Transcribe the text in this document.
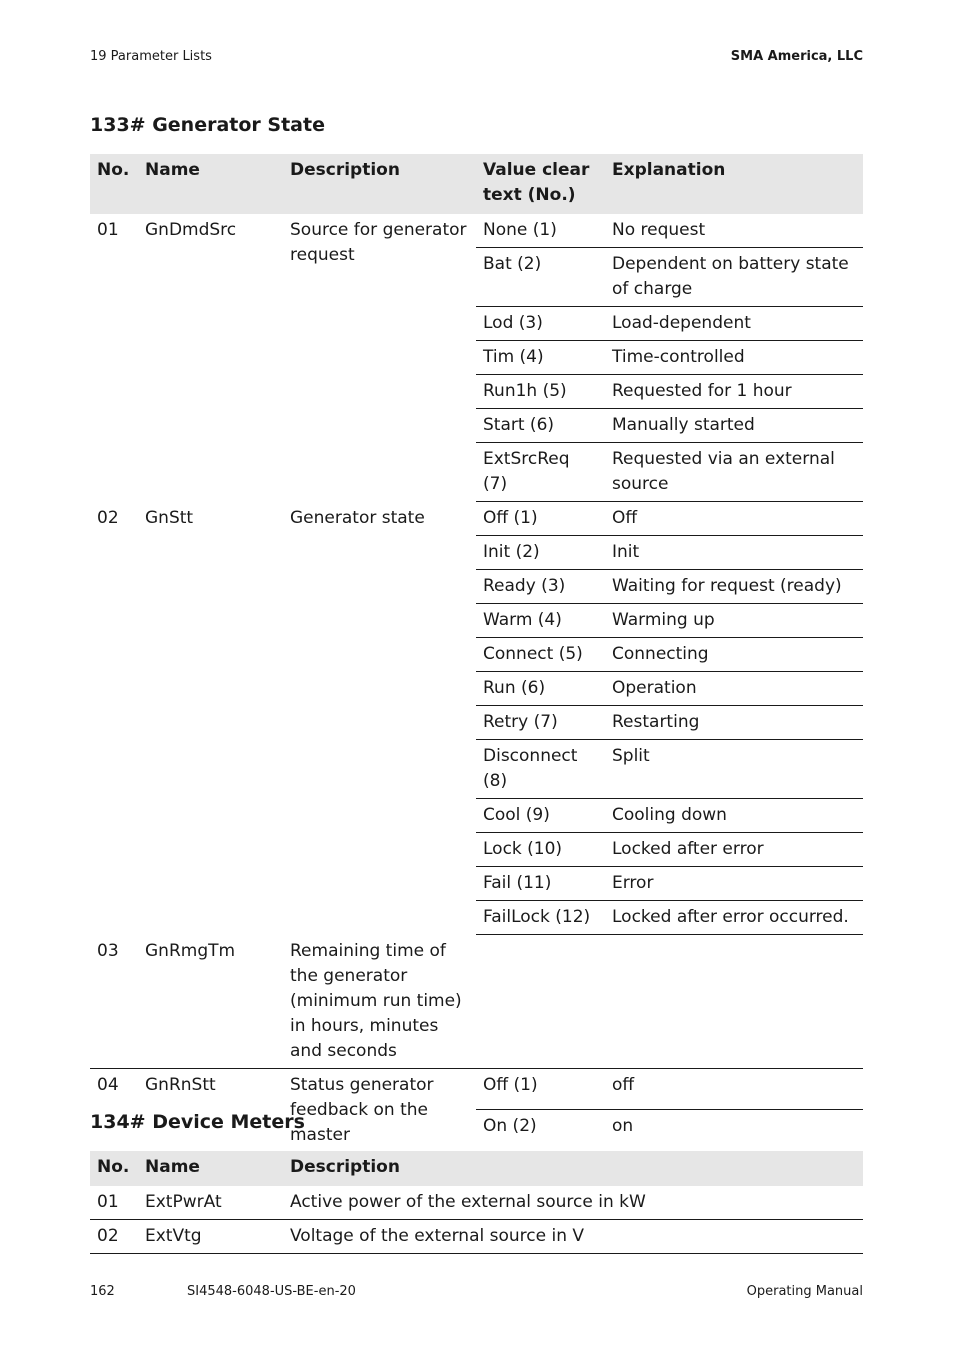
19 Parameter Lists	SMA America, LLC
133# Generator State
No.	Name	Description	Value clear text (No.)	Explanation
01	GnDmdSrc	Source for generator request	None (1)	No request
			Bat (2)	Dependent on battery state of charge
			Lod (3)	Load-dependent
			Tim (4)	Time-controlled
			Run1h (5)	Requested for 1 hour
			Start (6)	Manually started
			ExtSrcReq (7)	Requested via an external source
02	GnStt	Generator state	Off (1)	Off
			Init (2)	Init
			Ready (3)	Waiting for request (ready)
			Warm (4)	Warming up
			Connect (5)	Connecting
			Run (6)	Operation
			Retry (7)	Restarting
			Disconnect (8)	Split
			Cool (9)	Cooling down
			Lock (10)	Locked after error
			Fail (11)	Error
			FailLock (12)	Locked after error occurred.
03	GnRmgTm	Remaining time of the generator (minimum run time) in hours, minutes and seconds		
04	GnRnStt	Status generator feedback on the master	Off (1)	off
			On (2)	on
134# Device Meters
No.	Name	Description
01	ExtPwrAt	Active power of the external source in kW
02	ExtVtg	Voltage of the external source in V
162	SI4548-6048-US-BE-en-20	Operating Manual
